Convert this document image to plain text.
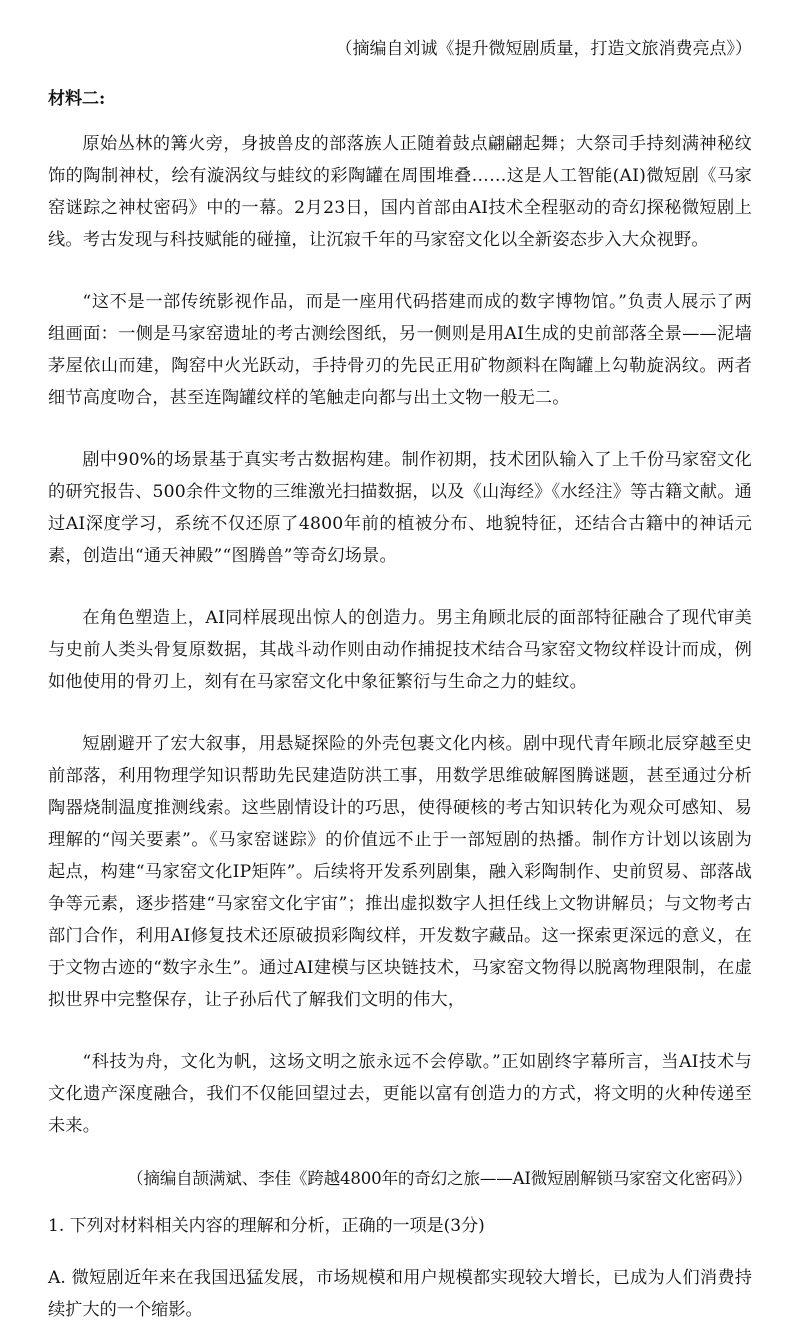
（摘编自刘诚《提升微短剧质量，打造文旅消费亮点》）

材料二:

原始丛林的篝火旁，身披兽皮的部落族人正随着鼓点翩翩起舞；大祭司手持刻满神秘纹饰的陶制神杖，绘有漩涡纹与蛙纹的彩陶罐在周围堆叠……这是人工智能(AI)微短剧《马家窑谜踪之神杖密码》中的一幕。2月23日，国内首部由AI技术全程驱动的奇幻探秘微短剧上线。考古发现与科技赋能的碰撞，让沉寂千年的马家窑文化以全新姿态步入大众视野。

“这不是一部传统影视作品，而是一座用代码搭建而成的数字博物馆。”负责人展示了两组画面：一侧是马家窑遗址的考古测绘图纸，另一侧则是用AI生成的史前部落全景——泥墙茅屋依山而建，陶窑中火光跃动，手持骨刃的先民正用矿物颜料在陶罐上勾勒旋涡纹。两者细节高度吻合，甚至连陶罐纹样的笔触走向都与出土文物一般无二。

剧中90%的场景基于真实考古数据构建。制作初期，技术团队输入了上千份马家窑文化的研究报告、500余件文物的三维激光扫描数据，以及《山海经》《水经注》等古籍文献。通过AI深度学习，系统不仅还原了4800年前的植被分布、地貌特征，还结合古籍中的神话元素，创造出“通天神殿”“图腾兽”等奇幻场景。

在角色塑造上，AI同样展现出惊人的创造力。男主角顾北辰的面部特征融合了现代审美与史前人类头骨复原数据，其战斗动作则由动作捕捉技术结合马家窑文物纹样设计而成，例如他使用的骨刃上，刻有在马家窑文化中象征繁衍与生命之力的蛙纹。

短剧避开了宏大叙事，用悬疑探险的外壳包裹文化内核。剧中现代青年顾北辰穿越至史前部落，利用物理学知识帮助先民建造防洪工事，用数学思维破解图腾谜题，甚至通过分析陶器烧制温度推测线索。这些剧情设计的巧思，使得硬核的考古知识转化为观众可感知、易理解的“闯关要素”。《马家窑谜踪》的价值远不止于一部短剧的热播。制作方计划以该剧为起点，构建“马家窑文化IP矩阵”。后续将开发系列剧集，融入彩陶制作、史前贸易、部落战争等元素，逐步搭建“马家窑文化宇宙”；推出虚拟数字人担任线上文物讲解员；与文物考古部门合作，利用AI修复技术还原破损彩陶纹样，开发数字藏品。这一探索更深远的意义，在于文物古迹的“数字永生”。通过AI建模与区块链技术，马家窑文物得以脱离物理限制，在虚拟世界中完整保存，让子孙后代了解我们文明的伟大，

“科技为舟，文化为帆，这场文明之旅永远不会停歇。”正如剧终字幕所言，当AI技术与文化遗产深度融合，我们不仅能回望过去，更能以富有创造力的方式，将文明的火种传递至未来。

（摘编自颉满斌、李佳《跨越4800年的奇幻之旅——AI微短剧解锁马家窑文化密码》）

1. 下列对材料相关内容的理解和分析，正确的一项是(3分)

A. 微短剧近年来在我国迅猛发展，市场规模和用户规模都实现较大增长，已成为人们消费持续扩大的一个缩影。
